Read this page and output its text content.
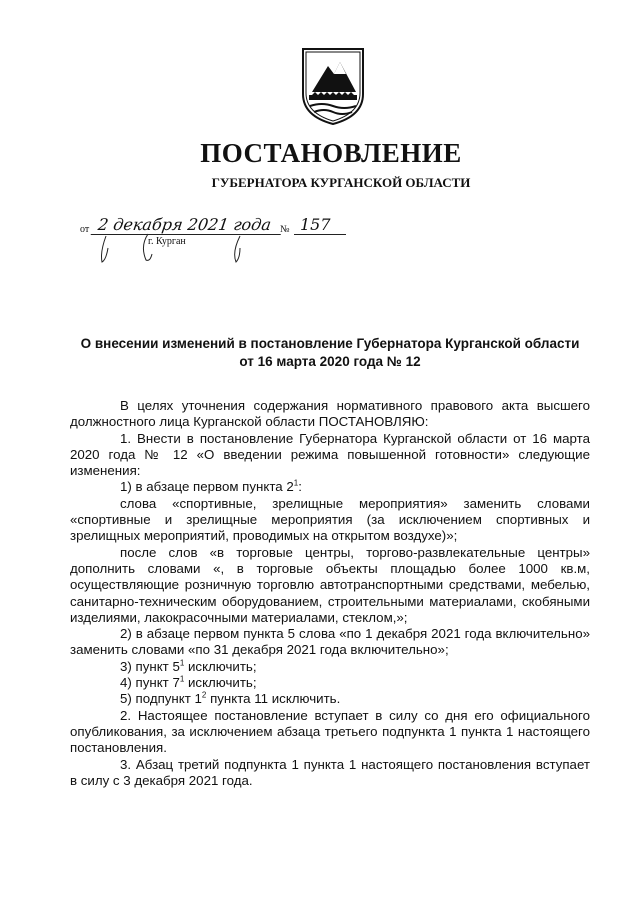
ПОСТАНОВЛЕНИЕ
ГУБЕРНАТОРА КУРГАНСКОЙ ОБЛАСТИ
от 2 декабря 2021 года № 157
г. Курган
О внесении изменений в постановление Губернатора Курганской области
от 16 марта 2020 года № 12

В целях уточнения содержания нормативного правового акта высшего должностного лица Курганской области ПОСТАНОВЛЯЮ:

1. Внести в постановление Губернатора Курганской области от 16 марта 2020 года № 12 «О введении режима повышенной готовности» следующие изменения:

1) в абзаце первом пункта $2^1$:

слова «спортивные, зрелищные мероприятия» заменить словами «спортивные и зрелищные мероприятия (за исключением спортивных и зрелищных мероприятий, проводимых на открытом воздухе)»;

после слов «в торговые центры, торгово-развлекательные центры» дополнить словами «, в торговые объекты площадью более 1000 кв.м, осуществляющие розничную торговлю автотранспортными средствами, мебелью, санитарно-техническим оборудованием, строительными материалами, скобяными изделиями, лакокрасочными материалами, стеклом,»;

2) в абзаце первом пункта 5 слова «по 1 декабря 2021 года включительно» заменить словами «по 31 декабря 2021 года включительно»;

3) пункт $5^1$ исключить;

4) пункт $7^1$ исключить;

5) подпункт $1^2$ пункта 11 исключить.

2. Настоящее постановление вступает в силу со дня его официального опубликования, за исключением абзаца третьего подпункта 1 пункта 1 настоящего постановления.

3. Абзац третий подпункта 1 пункта 1 настоящего постановления вступает в силу с 3 декабря 2021 года.
